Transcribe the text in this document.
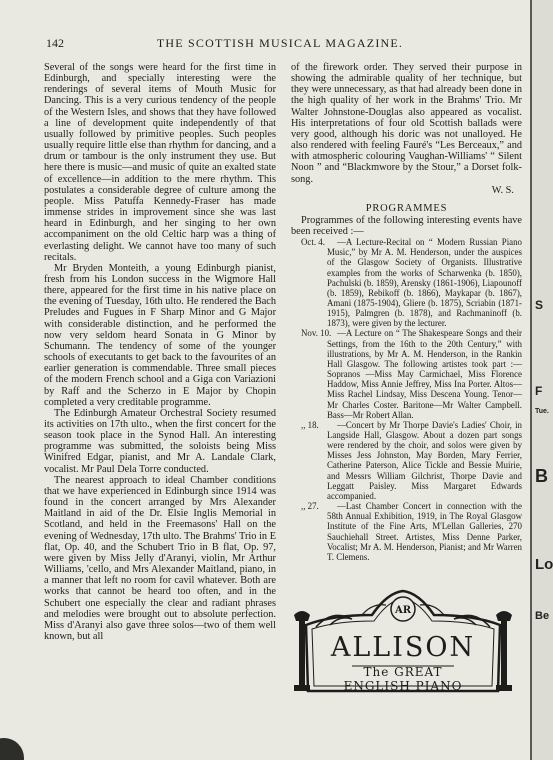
142	THE SCOTTISH MUSICAL MAGAZINE.

Several of the songs were heard for the first time in Edinburgh, and specially interesting were the renderings of several items of Mouth Music for Dancing. This is a very curious tendency of the people of the Western Isles, and shows that they have followed a line of development quite independently of that usually followed by primitive peoples. Such peoples usually require little else than rhythm for dancing, and a drum or tambour is the only instrument they use. But here there is music—and music of quite an exalted state of excellence—in addition to the mere rhythm. This postulates a considerable degree of culture among the people. Miss Patuffa Kennedy-Fraser has made immense strides in improvement since she was last heard in Edinburgh, and her singing to her own accompaniment on the old Celtic harp was a thing of everlasting delight. We cannot have too many of such recitals.

Mr Bryden Monteith, a young Edinburgh pianist, fresh from his London success in the Wigmore Hall there, appeared for the first time in his native place on the evening of Tuesday, 16th ulto. He rendered the Bach Preludes and Fugues in F Sharp Minor and G Major with considerable distinction, and he performed the now very seldom heard Sonata in G Minor by Schumann. The tendency of some of the younger schools of executants to get back to the favourites of an earlier generation is commendable. Three small pieces of the modern French school and a Giga con Variazioni by Raff and the Scherzo in E Major by Chopin completed a very creditable programme.

The Edinburgh Amateur Orchestral Society resumed its activities on 17th ulto., when the first concert for the season took place in the Synod Hall. An interesting programme was submitted, the soloists being Miss Winifred Edgar, pianist, and Mr A. Landale Clark, vocalist. Mr Paul Dela Torre conducted.

The nearest approach to ideal Chamber conditions that we have experienced in Edinburgh since 1914 was found in the concert arranged by Mrs Alexander Maitland in aid of the Dr. Elsie Inglis Memorial in Scotland, and held in the Freemasons' Hall on the evening of Wednesday, 17th ulto. The Brahms' Trio in E flat, Op. 40, and the Schubert Trio in B flat, Op. 97, were given by Miss Jelly d'Aranyi, violin, Mr Arthur Williams, 'cello, and Mrs Alexander Maitland, piano, in a manner that left no room for cavil whatever. Both are works that cannot be heard too often, and in the Schubert one especially the clear and radiant phrases and melodies were brought out to absolute perfection. Miss d'Aranyi also gave three solos—two of them well known, but all

of the firework order. They served their purpose in showing the admirable quality of her technique, but they were unnecessary, as that had already been done in the high quality of her work in the Brahms' Trio. Mr Walter Johnstone-Douglas also appeared as vocalist. His interpretations of four old Scottish ballads were very good, although his doric was not unalloyed. He also rendered with feeling Fauré's “Les Berceaux,” and with atmospheric colouring Vaughan-Williams' “ Silent Noon ” and “Blackmwore by the Stour,” a Dorset folk-song.

W. S.

PROGRAMMES

Programmes of the following interesting events have been received :—

Oct. 4. —A Lecture-Recital on “ Modern Russian Piano Music,” by Mr A. M. Henderson, under the auspices of the Glasgow Society of Organists. Illustrative examples from the works of Scharwenka (b. 1850), Pachulski (b. 1859), Arensky (1861-1906), Liapounoff (b. 1859), Rebikoff (b. 1866), Maykapar (b. 1867), Amani (1875-1904), Gliere (b. 1875), Scriabin (1871-1915), Palmgren (b. 1878), and Rachmaninoff (b. 1873), were given by the lecturer.

Nov. 10. —A Lecture on “ The Shakespeare Songs and their Settings, from the 16th to the 20th Century,” with illustrations, by Mr A. M. Henderson, in the Rankin Hall Glasgow. The following artistes took part :—Sopranos —Miss May Carmichael, Miss Florence Haddow, Miss Annie Jeffrey, Miss Ina Porter. Altos—Miss Rachel Lindsay, Miss Descena Young. Tenor—Mr Charles Coster. Baritone—Mr Walter Campbell. Bass—Mr Robert Allan.

,, 18. —Concert by Mr Thorpe Davie's Ladies' Choir, in Langside Hall, Glasgow. About a dozen part songs were rendered by the choir, and solos were given by Misses Jess Johnston, May Borden, Mary Ferrier, Catherine Paterson, Alice Tickle and Bessie Muirie, and Messrs William Gilchrist, Thorpe Davie and Leggatt Paisley. Miss Margaret Edwards accompanied.

,, 27. —Last Chamber Concert in connection with the 58th Annual Exhibition, 1919, in The Royal Glasgow Institute of the Fine Arts, M'Lellan Galleries, 270 Sauchiehall Street. Artistes, Miss Denne Parker, Vocalist; Mr A. M. Henderson, Pianist; and Mr Warren T. Clemens.

AR
ALLISON
The GREAT
ENGLISH PIANO
S
F
Tue.
B
Lo
Be
